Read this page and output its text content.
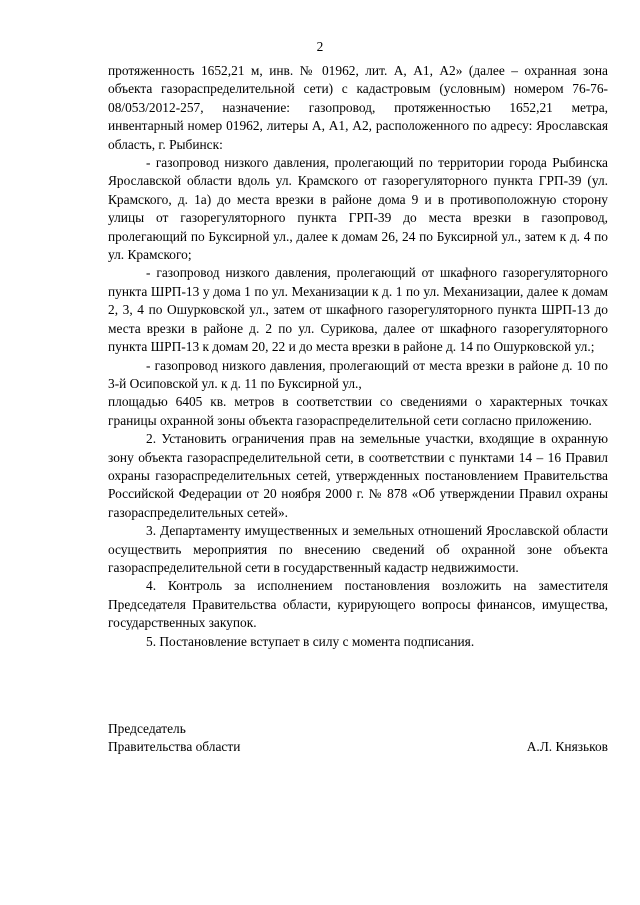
2

протяженность 1652,21 м, инв. № 01962, лит. А, А1, А2» (далее – охранная зона объекта газораспределительной сети) с кадастровым (условным) номером 76-76-08/053/2012-257, назначение: газопровод, протяженностью 1652,21 метра, инвентарный номер 01962, литеры А, А1, А2, расположенного по адресу: Ярославская область, г. Рыбинск:

- газопровод низкого давления, пролегающий по территории города Рыбинска Ярославской области вдоль ул. Крамского от газорегуляторного пункта ГРП-39 (ул. Крамского, д. 1а) до места врезки в районе дома 9 и в противоположную сторону улицы от газорегуляторного пункта ГРП-39 до места врезки в газопровод, пролегающий по Буксирной ул., далее к домам 26, 24 по Буксирной ул., затем к д. 4 по ул. Крамского;

- газопровод низкого давления, пролегающий от шкафного газорегуляторного пункта ШРП-13 у дома 1 по ул. Механизации к д. 1 по ул. Механизации, далее к домам 2, 3, 4 по Ошурковской ул., затем от шкафного газорегуляторного пункта ШРП-13 до места врезки в районе д. 2 по ул. Сурикова, далее от шкафного газорегуляторного пункта ШРП-13 к домам 20, 22 и до места врезки в районе д. 14 по Ошурковской ул.;

- газопровод низкого давления, пролегающий от места врезки в районе д. 10 по 3-й Осиповской ул. к д. 11 по Буксирной ул.,

площадью 6405 кв. метров в соответствии со сведениями о характерных точках границы охранной зоны объекта газораспределительной сети согласно приложению.

2. Установить ограничения прав на земельные участки, входящие в охранную зону объекта газораспределительной сети, в соответствии с пунктами 14 – 16 Правил охраны газораспределительных сетей, утвержденных постановлением Правительства Российской Федерации от 20 ноября 2000 г. № 878 «Об утверждении Правил охраны газораспределительных сетей».

3. Департаменту имущественных и земельных отношений Ярославской области осуществить мероприятия по внесению сведений об охранной зоне объекта газораспределительной сети в государственный кадастр недвижимости.

4. Контроль за исполнением постановления возложить на заместителя Председателя Правительства области, курирующего вопросы финансов, имущества, государственных закупок.

5. Постановление вступает в силу с момента подписания.

Председатель
Правительства области	А.Л. Князьков
